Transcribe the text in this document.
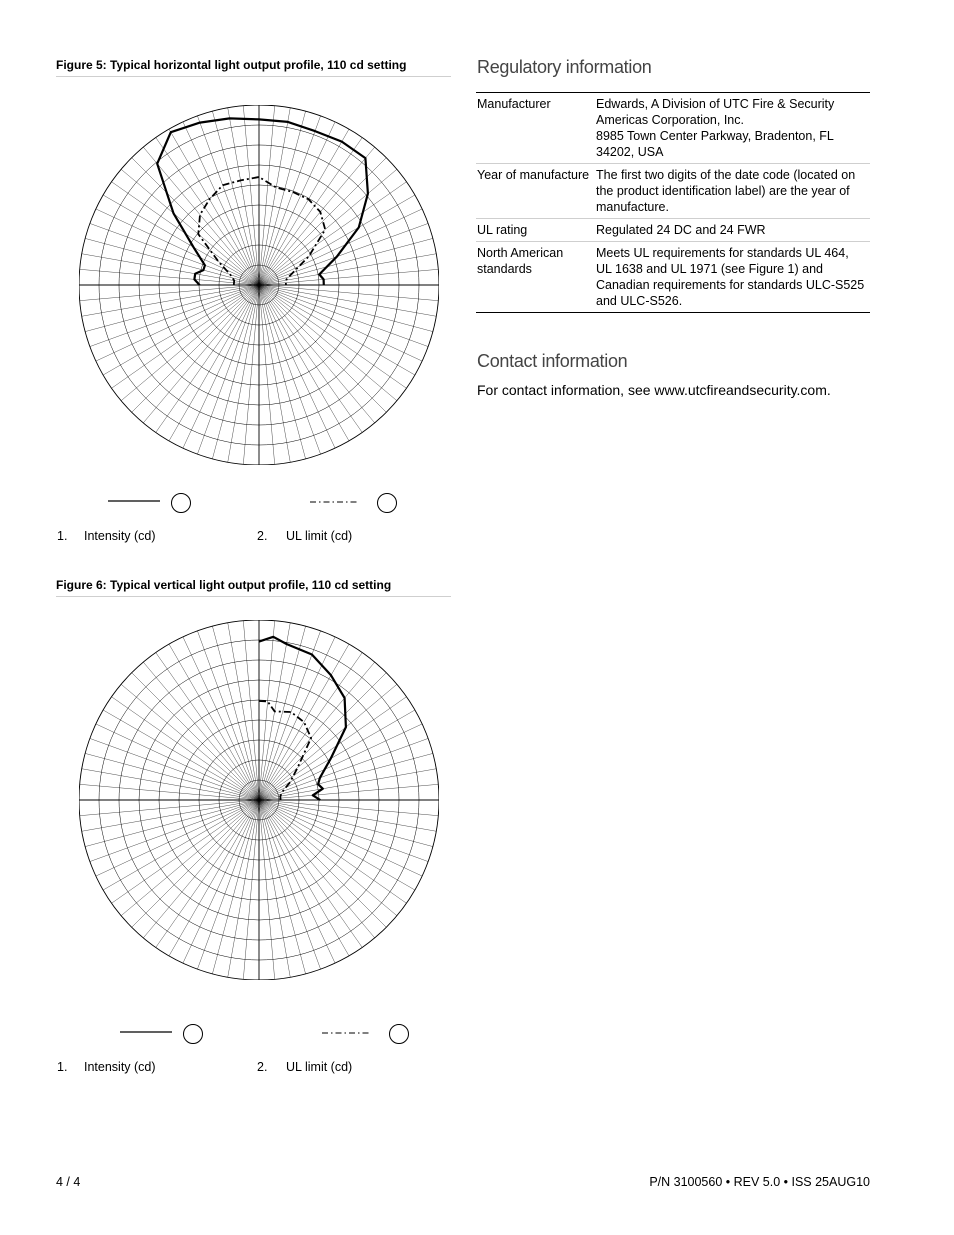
Figure 5: Typical horizontal light output profile, 110 cd setting
1. Intensity (cd)	2. UL limit (cd)
Figure 6: Typical vertical light output profile, 110 cd setting
1. Intensity (cd)	2. UL limit (cd)
Regulatory information
Manufacturer	Edwards, A Division of UTC Fire & Security
Americas Corporation, Inc.
8985 Town Center Parkway, Bradenton, FL
34202, USA

Year of manufacture	The first two digits of the date code (located on
the product identification label) are the year of
manufacture.

UL rating	Regulated 24 DC and 24 FWR

North American standards	Meets UL requirements for standards UL 464,
UL 1638 and UL 1971 (see Figure 1) and
Canadian requirements for standards ULC-S525
and ULC-S526.
Contact information
For contact information, see www.utcfireandsecurity.com.
4 / 4	P/N 3100560 • REV 5.0 • ISS 25AUG10
